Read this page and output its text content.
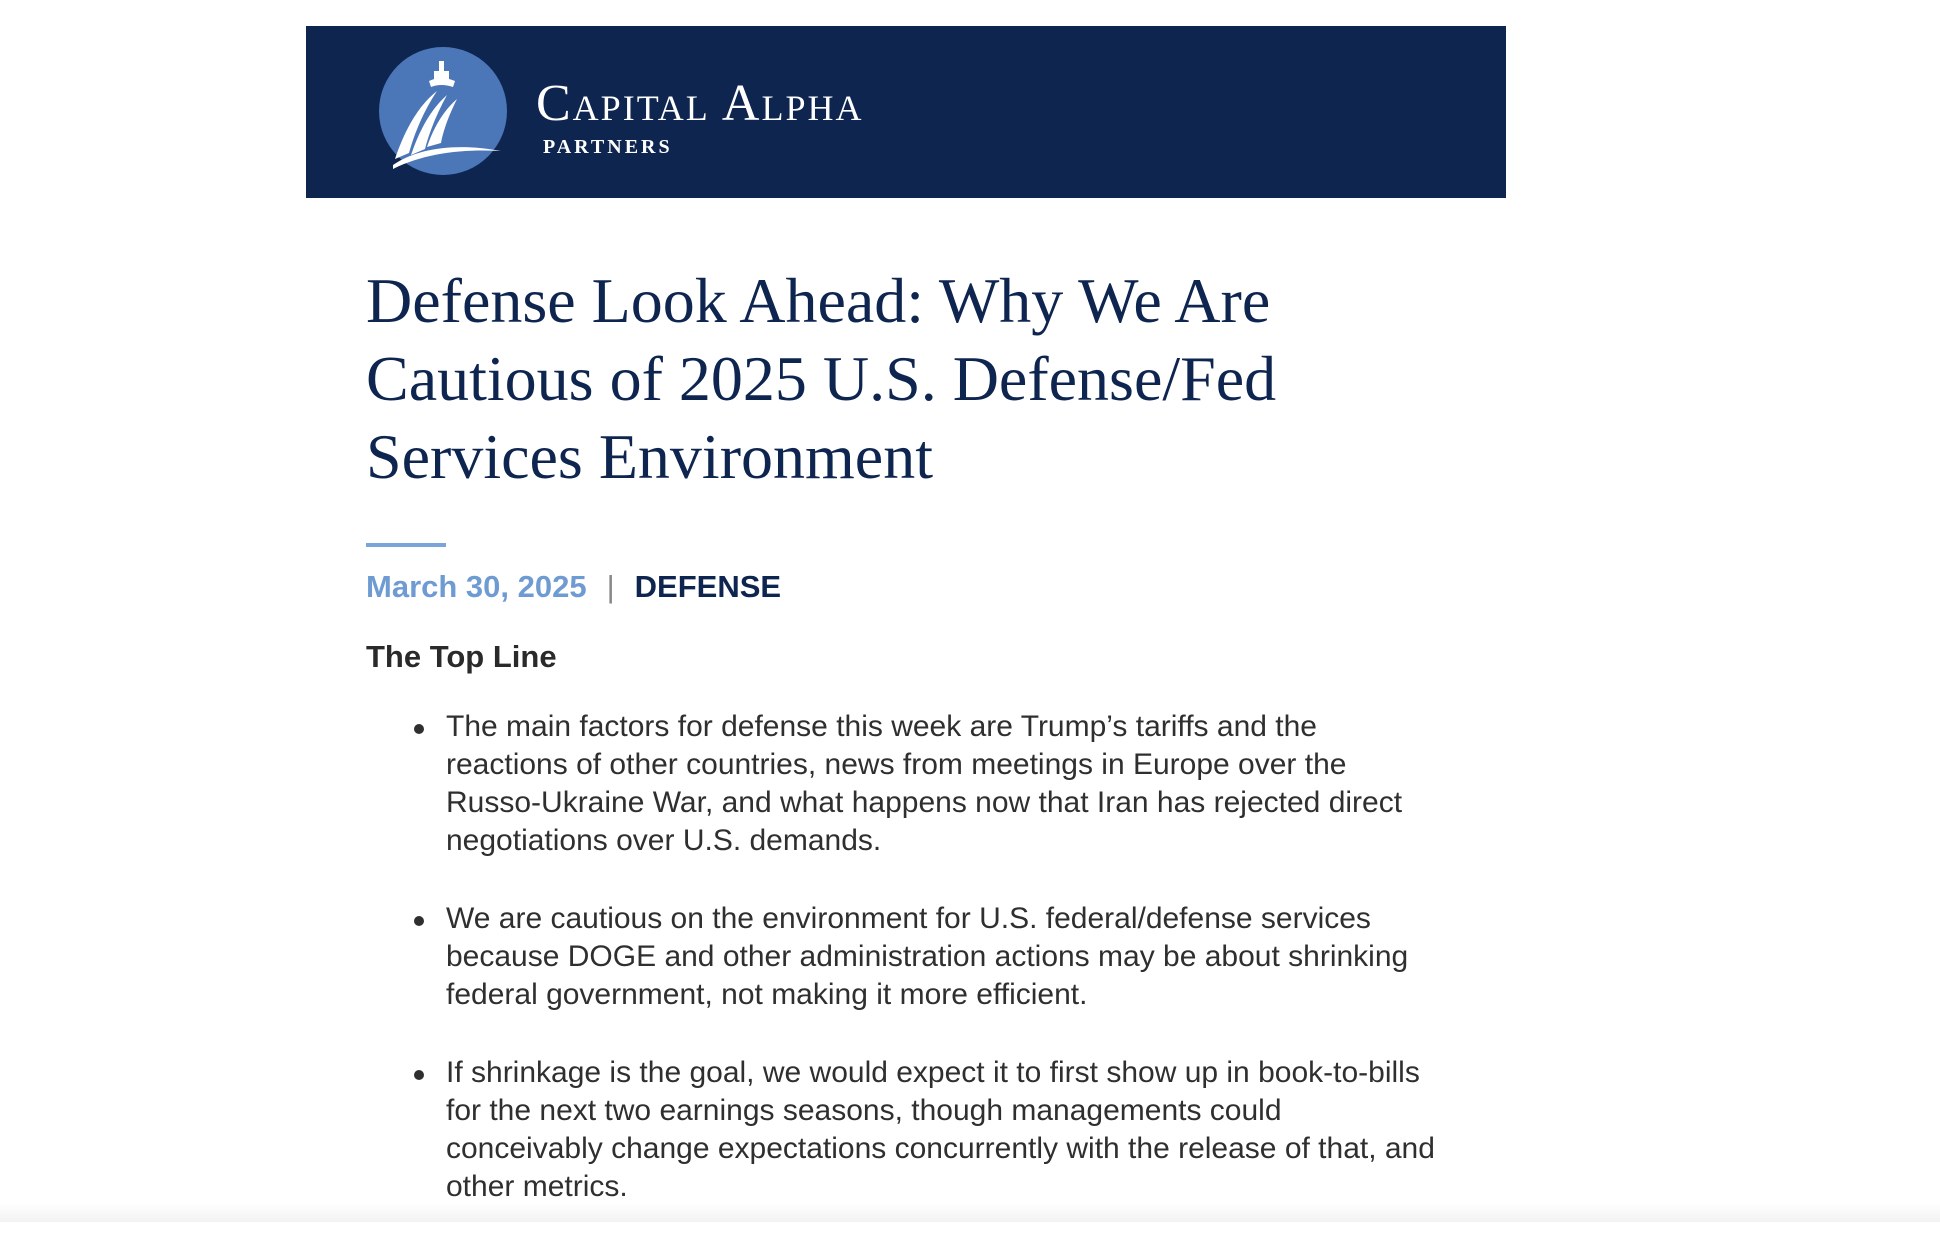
Capital Alpha
PARTNERS
Defense Look Ahead: Why We Are Cautious of 2025 U.S. Defense/Fed Services Environment
March 30, 2025 | DEFENSE
The Top Line
The main factors for defense this week are Trump’s tariffs and the reactions of other countries, news from meetings in Europe over the Russo-Ukraine War, and what happens now that Iran has rejected direct negotiations over U.S. demands.
We are cautious on the environment for U.S. federal/defense services because DOGE and other administration actions may be about shrinking federal government, not making it more efficient.
If shrinkage is the goal, we would expect it to first show up in book-to-bills for the next two earnings seasons, though managements could conceivably change expectations concurrently with the release of that, and other metrics.
